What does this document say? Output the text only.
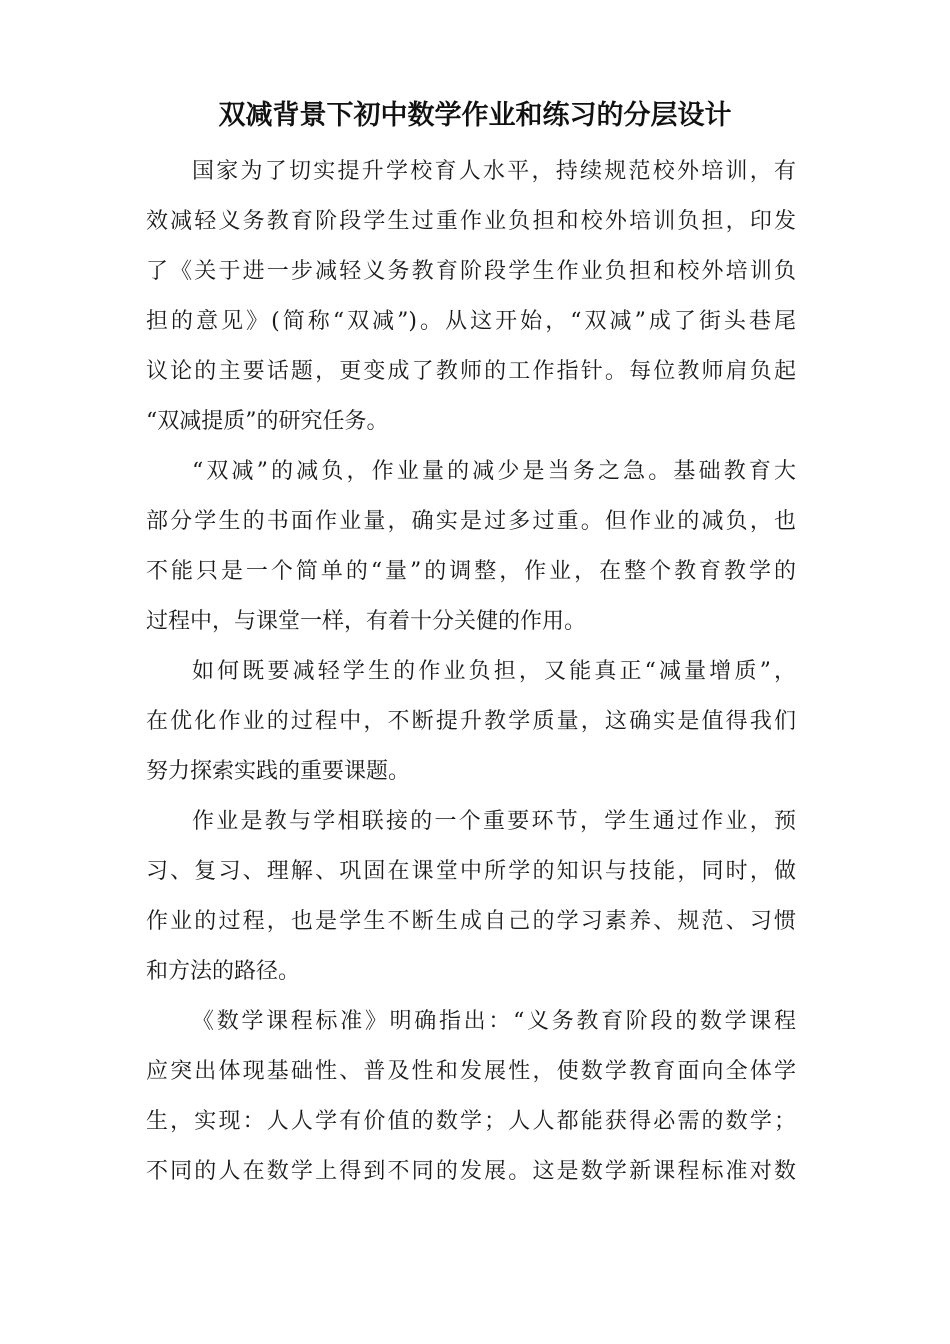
双减背景下初中数学作业和练习的分层设计
国家为了切实提升学校育人水平，持续规范校外培训，有
效减轻义务教育阶段学生过重作业负担和校外培训负担，印发
了《关于进一步减轻义务教育阶段学生作业负担和校外培训负
担的意见》(简称“双减”)。从这开始，“双减”成了街头巷尾
议论的主要话题，更变成了教师的工作指针。每位教师肩负起
“双减提质”的研究任务。
“双减”的减负，作业量的减少是当务之急。基础教育大
部分学生的书面作业量，确实是过多过重。但作业的减负，也
不能只是一个简单的“量”的调整，作业，在整个教育教学的
过程中，与课堂一样，有着十分关健的作用。
如何既要减轻学生的作业负担，又能真正“减量增质”，
在优化作业的过程中，不断提升教学质量，这确实是值得我们
努力探索实践的重要课题。
作业是教与学相联接的一个重要环节，学生通过作业，预
习、复习、理解、巩固在课堂中所学的知识与技能，同时，做
作业的过程，也是学生不断生成自己的学习素养、规范、习惯
和方法的路径。
《数学课程标准》明确指出：“义务教育阶段的数学课程
应突出体现基础性、普及性和发展性，使数学教育面向全体学
生，实现：人人学有价值的数学；人人都能获得必需的数学；
不同的人在数学上得到不同的发展。这是数学新课程标准对数
